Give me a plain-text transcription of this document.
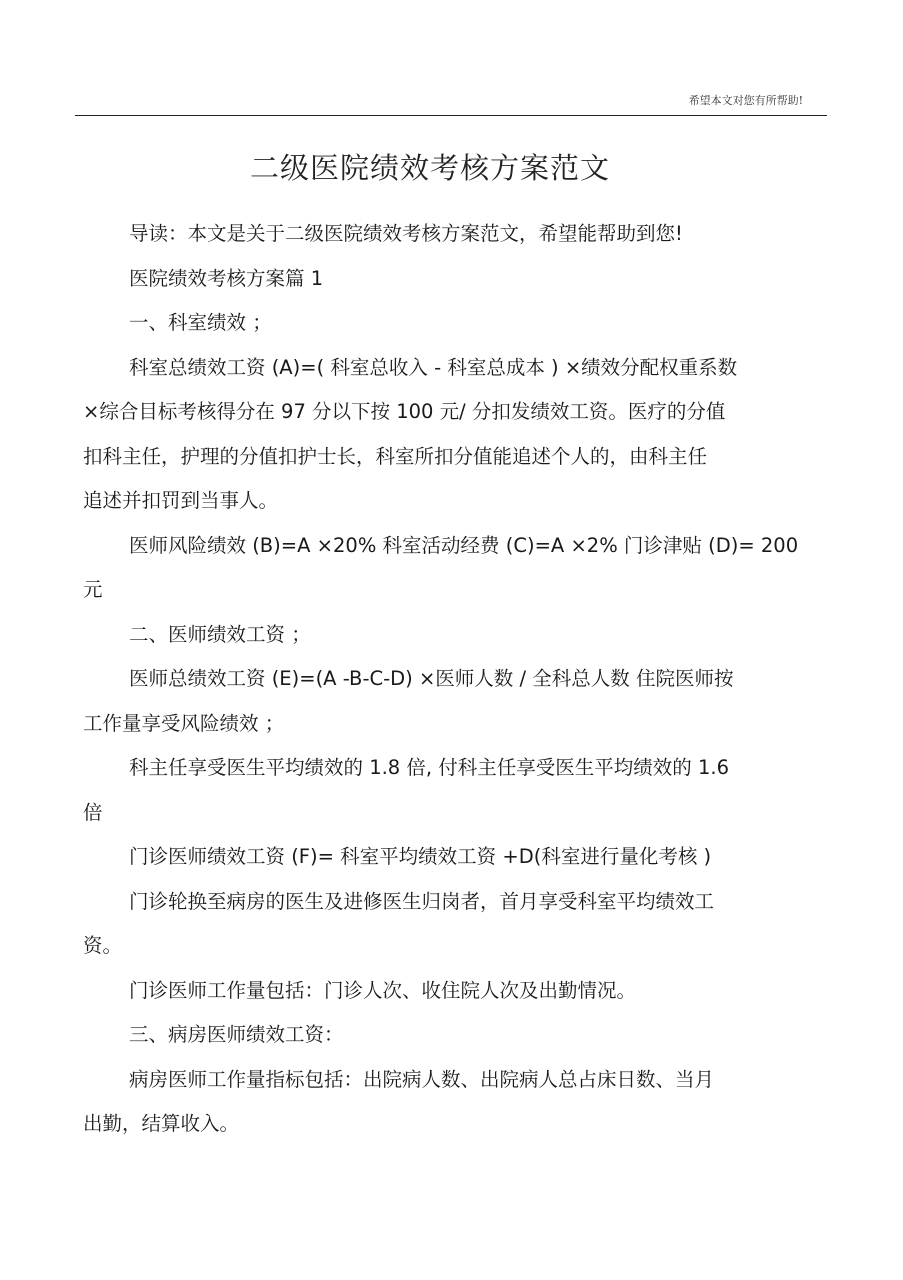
希望本文对您有所帮助!
二级医院绩效考核方案范文

导读：本文是关于二级医院绩效考核方案范文，希望能帮助到您!

医院绩效考核方案篇 1

一、科室绩效 ；

科室总绩效工资 (A)=( 科室总收入 - 科室总成本 ) ×绩效分配权重系数

×综合目标考核得分在 97 分以下按 100 元/ 分扣发绩效工资。医疗的分值

扣科主任，护理的分值扣护士长，科室所扣分值能追述个人的，由科主任

追述并扣罚到当事人。

医师风险绩效 (B)=A ×20% 科室活动经费 (C)=A ×2% 门诊津贴 (D)= 200

元

二、医师绩效工资 ；

医师总绩效工资 (E)=(A -B-C-D) ×医师人数 / 全科总人数 住院医师按

工作量享受风险绩效 ；

科主任享受医生平均绩效的 1.8 倍, 付科主任享受医生平均绩效的 1.6

倍

门诊医师绩效工资 (F)= 科室平均绩效工资 +D(科室进行量化考核 )

门诊轮换至病房的医生及进修医生归岗者，首月享受科室平均绩效工

资。

门诊医师工作量包括：门诊人次、收住院人次及出勤情况。

三、病房医师绩效工资：

病房医师工作量指标包括：出院病人数、出院病人总占床日数、当月

出勤，结算收入。
